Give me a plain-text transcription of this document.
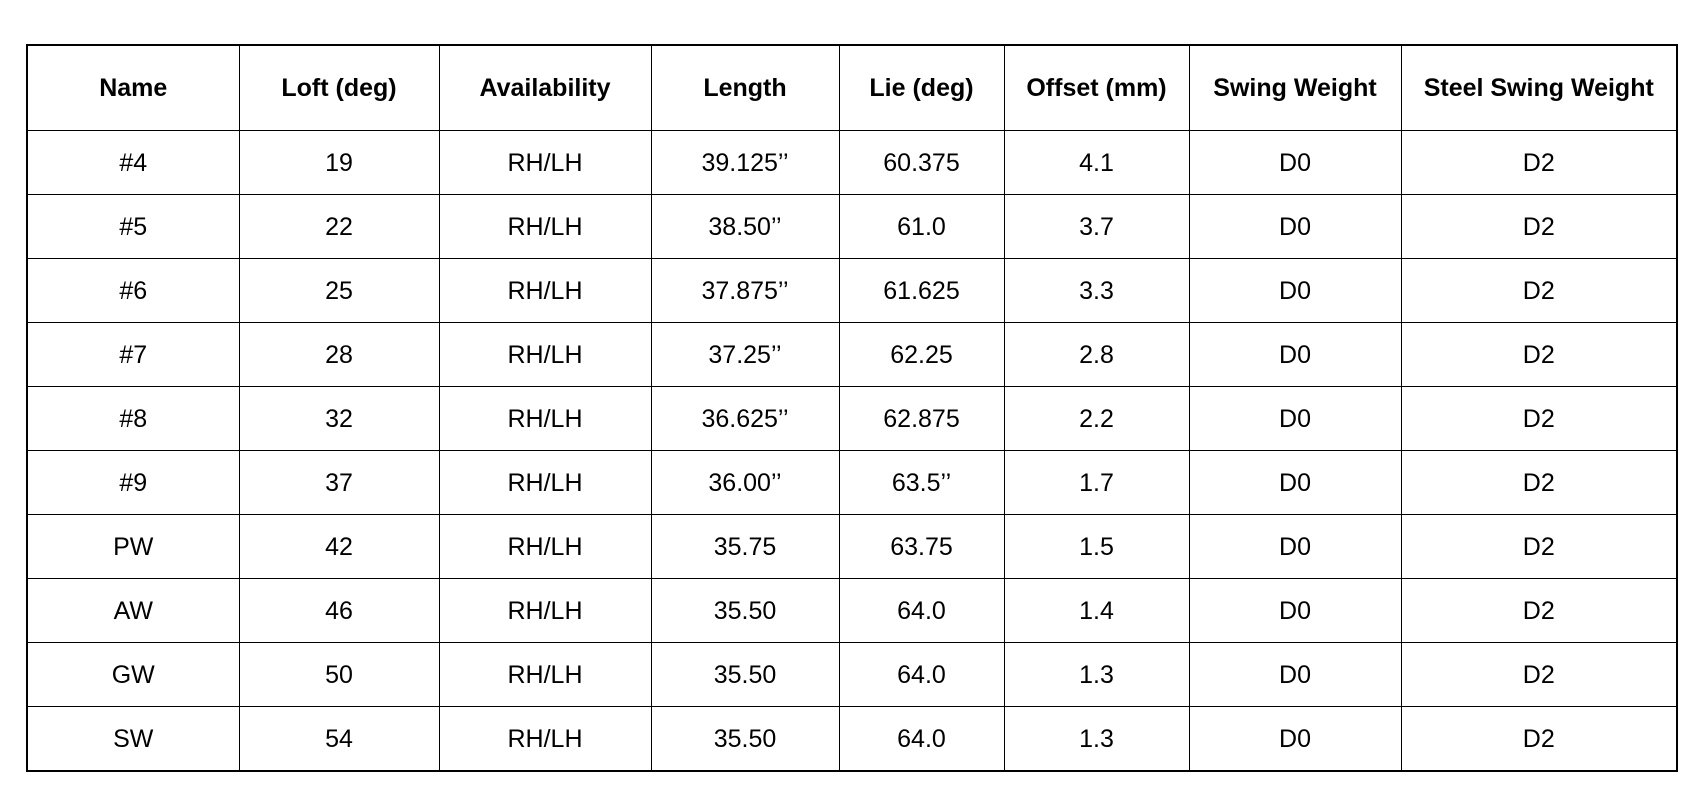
Name	Loft (deg)	Availability	Length	Lie (deg)	Offset (mm)	Swing Weight	Steel Swing Weight
#4	19	RH/LH	39.125’’	60.375	4.1	D0	D2
#5	22	RH/LH	38.50’’	61.0	3.7	D0	D2
#6	25	RH/LH	37.875’’	61.625	3.3	D0	D2
#7	28	RH/LH	37.25’’	62.25	2.8	D0	D2
#8	32	RH/LH	36.625’’	62.875	2.2	D0	D2
#9	37	RH/LH	36.00’’	63.5’’	1.7	D0	D2
PW	42	RH/LH	35.75	63.75	1.5	D0	D2
AW	46	RH/LH	35.50	64.0	1.4	D0	D2
GW	50	RH/LH	35.50	64.0	1.3	D0	D2
SW	54	RH/LH	35.50	64.0	1.3	D0	D2
